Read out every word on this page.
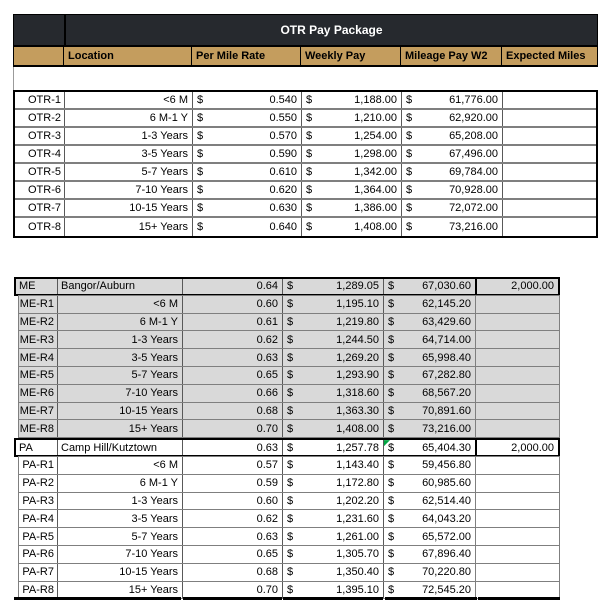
OTR Pay Package
Location	Per Mile Rate	Weekly Pay	Mileage Pay W2	Expected Miles
OTR-1	<6 M $	0.540 $	1,188.00 $	61,776.00
OTR-2	6 M-1 Y $	0.550 $	1,210.00 $	62,920.00
OTR-3	1-3 Years $	0.570 $	1,254.00 $	65,208.00
OTR-4	3-5 Years $	0.590 $	1,298.00 $	67,496.00
OTR-5	5-7 Years $	0.610 $	1,342.00 $	69,784.00
OTR-6	7-10 Years $	0.620 $	1,364.00 $	70,928.00
OTR-7	10-15 Years $	0.630 $	1,386.00 $	72,072.00
OTR-8	15+ Years $	0.640 $	1,408.00 $	73,216.00
ME	Bangor/Auburn	0.64 $	1,289.05 $	67,030.60	2,000.00
ME-R1	<6 M	0.60 $	1,195.10 $	62,145.20
ME-R2	6 M-1 Y	0.61 $	1,219.80 $	63,429.60
ME-R3	1-3 Years	0.62 $	1,244.50 $	64,714.00
ME-R4	3-5 Years	0.63 $	1,269.20 $	65,998.40
ME-R5	5-7 Years	0.65 $	1,293.90 $	67,282.80
ME-R6	7-10 Years	0.66 $	1,318.60 $	68,567.20
ME-R7	10-15 Years	0.68 $	1,363.30 $	70,891.60
ME-R8	15+ Years	0.70 $	1,408.00 $	73,216.00
PA	Camp Hill/Kutztown	0.63 $	1,257.78 $	65,404.30	2,000.00
PA-R1	<6 M	0.57 $	1,143.40 $	59,456.80
PA-R2	6 M-1 Y	0.59 $	1,172.80 $	60,985.60
PA-R3	1-3 Years	0.60 $	1,202.20 $	62,514.40
PA-R4	3-5 Years	0.62 $	1,231.60 $	64,043.20
PA-R5	5-7 Years	0.63 $	1,261.00 $	65,572.00
PA-R6	7-10 Years	0.65 $	1,305.70 $	67,896.40
PA-R7	10-15 Years	0.68 $	1,350.40 $	70,220.80
PA-R8	15+ Years	0.70 $	1,395.10 $	72,545.20
